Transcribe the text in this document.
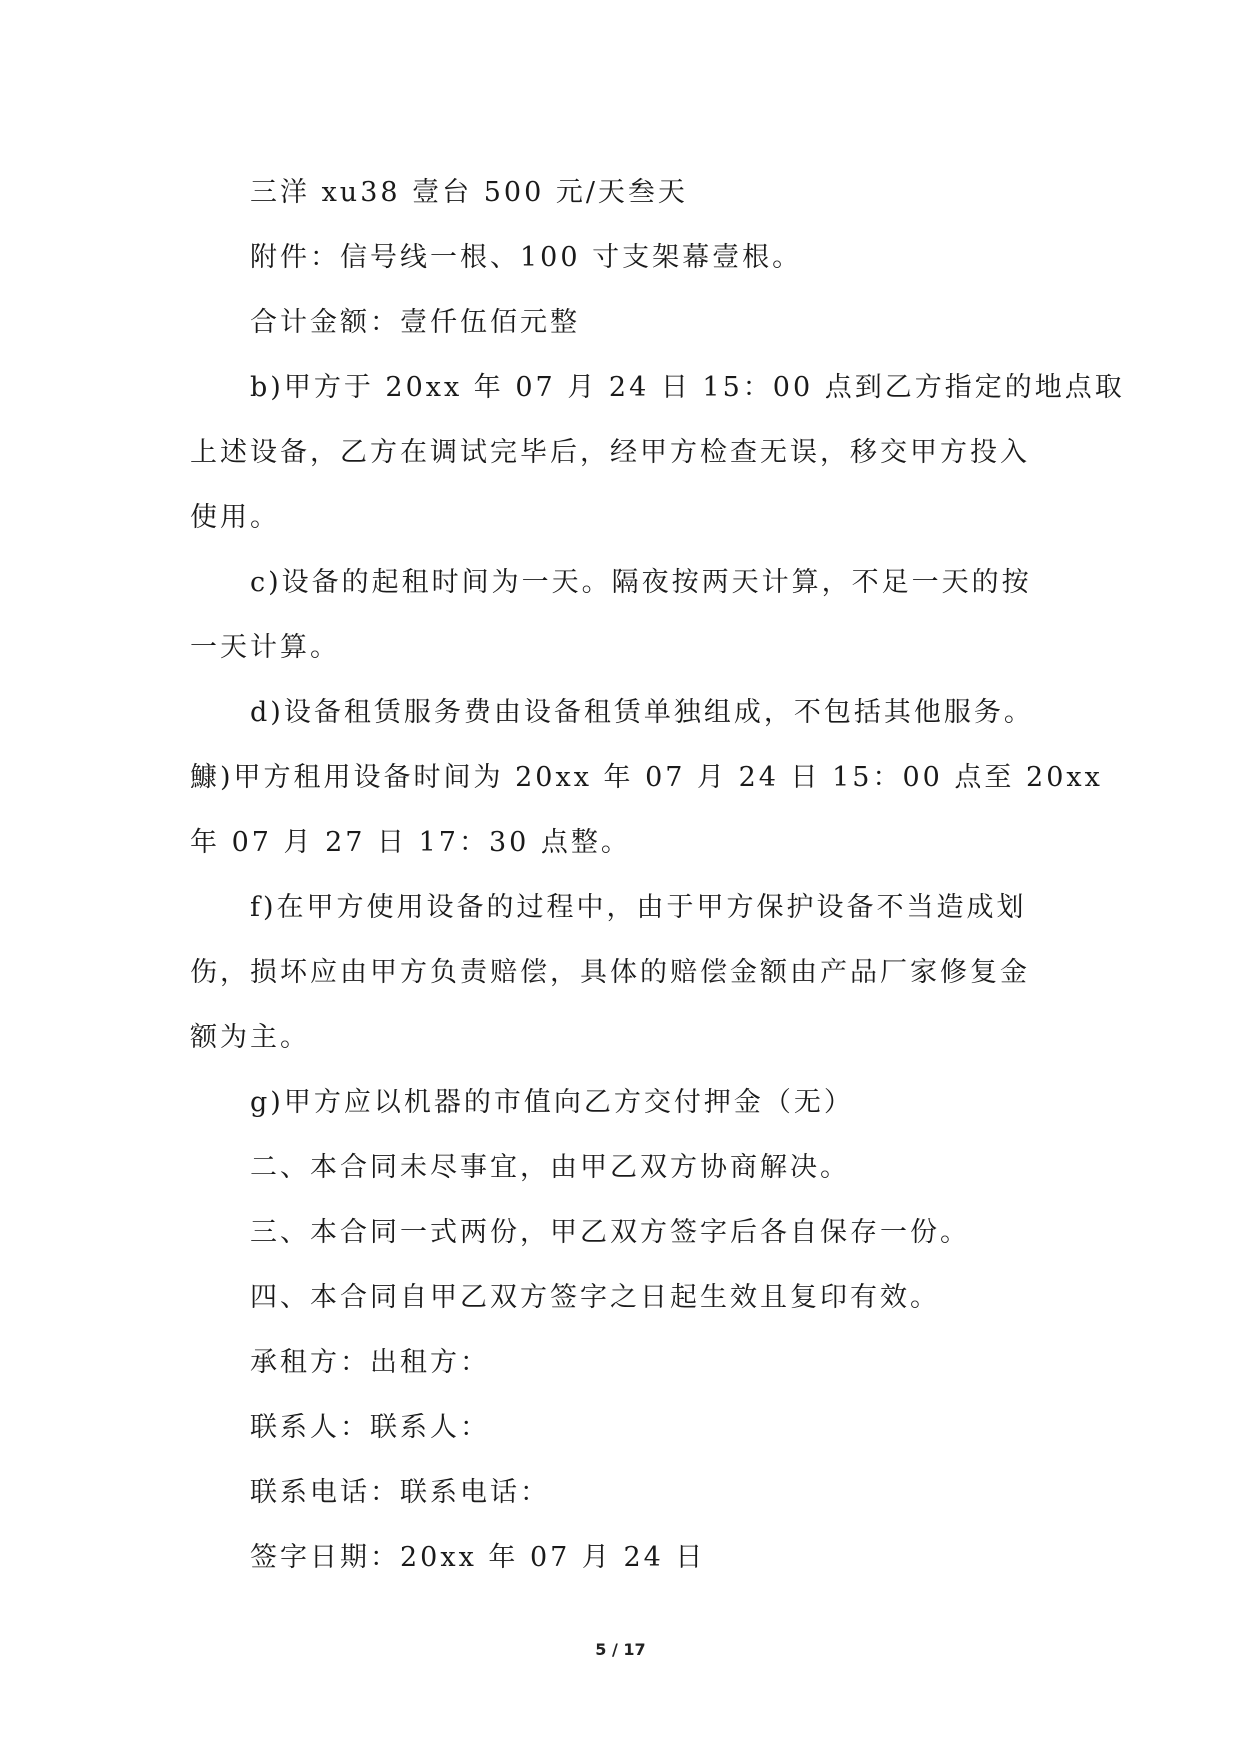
三洋 xu38 壹台 500 元/天叁天
附件：信号线一根、100 寸支架幕壹根。
合计金额：壹仟伍佰元整
b)甲方于 20xx 年 07 月 24 日 15：00 点到乙方指定的地点取
上述设备，乙方在调试完毕后，经甲方检查无误，移交甲方投入
使用。
c)设备的起租时间为一天。隔夜按两天计算，不足一天的按
一天计算。
d)设备租赁服务费由设备租赁单独组成，不包括其他服务。
鱇)甲方租用设备时间为 20xx 年 07 月 24 日 15：00 点至 20xx
年 07 月 27 日 17：30 点整。
f)在甲方使用设备的过程中，由于甲方保护设备不当造成划
伤，损坏应由甲方负责赔偿，具体的赔偿金额由产品厂家修复金
额为主。
g)甲方应以机器的市值向乙方交付押金（无）
二、本合同未尽事宜，由甲乙双方协商解决。
三、本合同一式两份，甲乙双方签字后各自保存一份。
四、本合同自甲乙双方签字之日起生效且复印有效。
承租方：出租方：
联系人：联系人：
联系电话：联系电话：
签字日期：20xx 年 07 月 24 日
5 / 17
